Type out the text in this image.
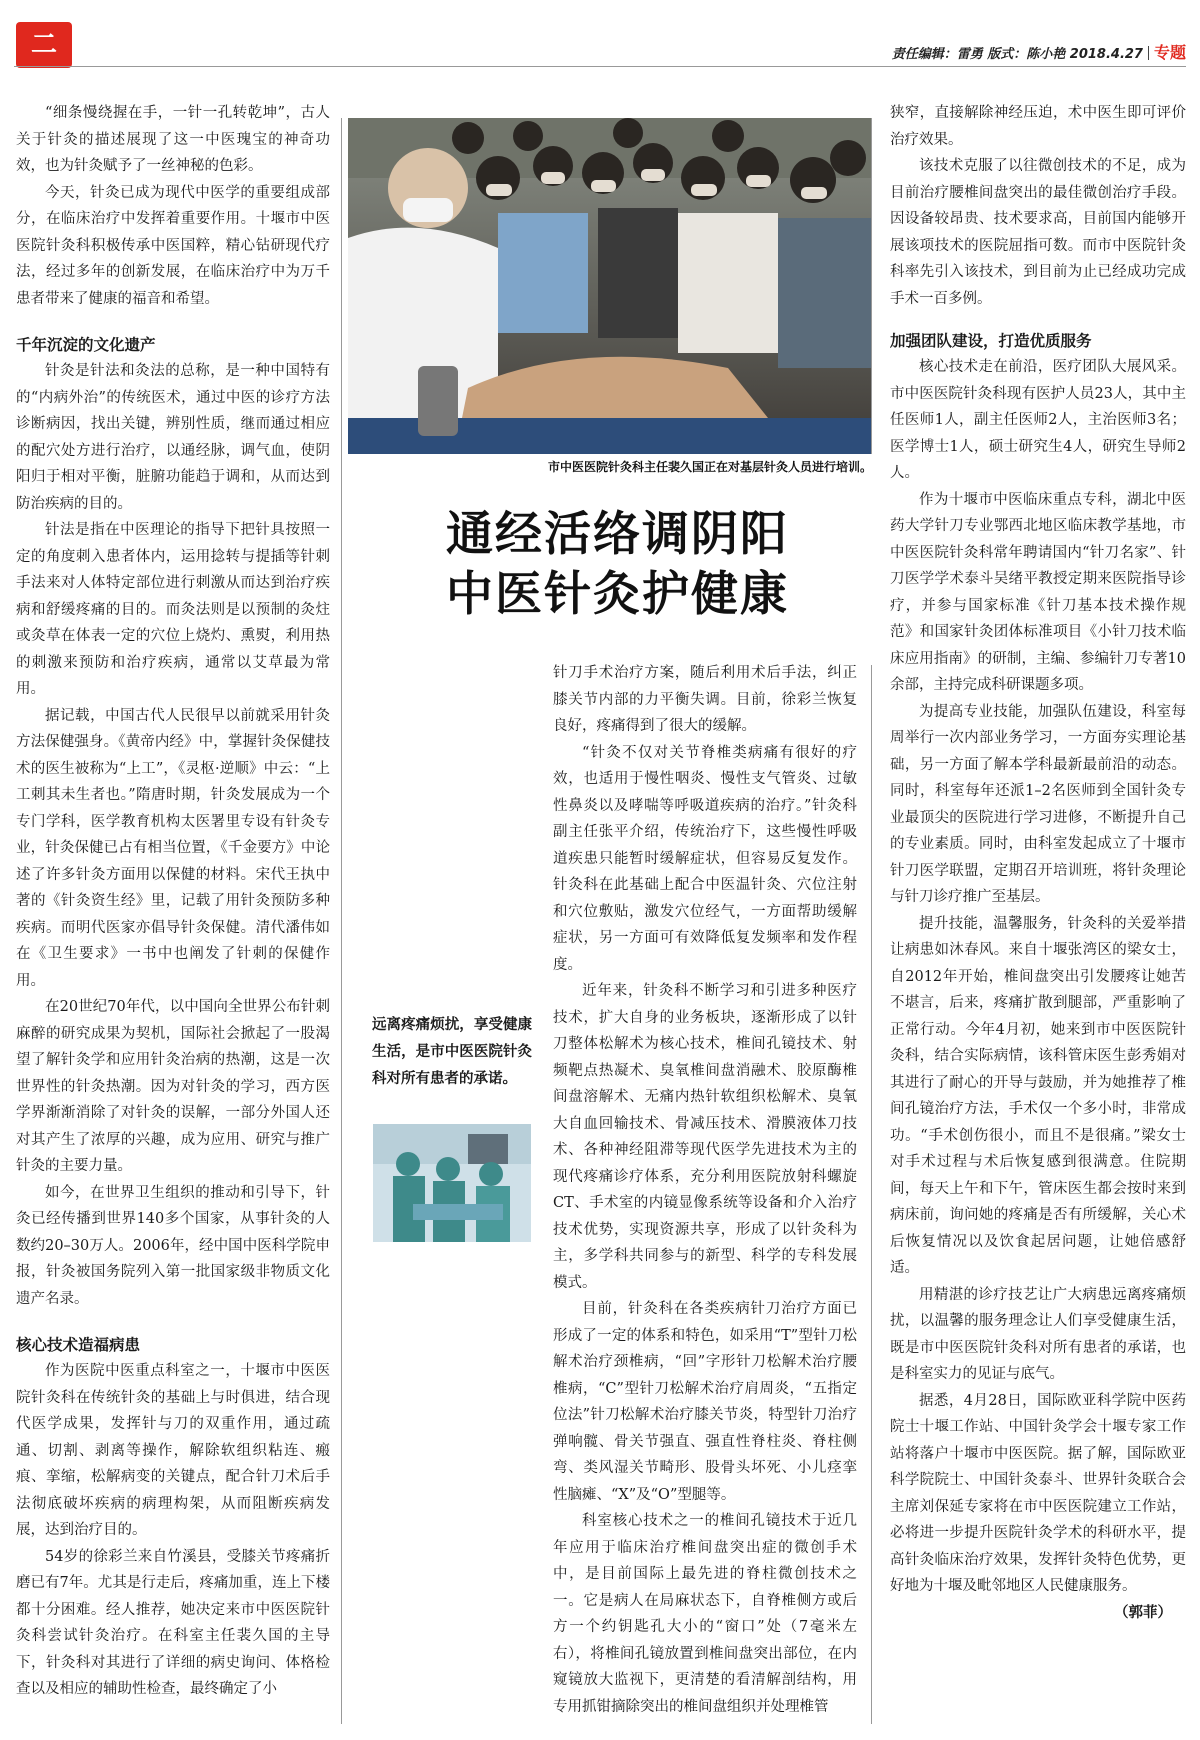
二	责任编辑：雷勇 版式：陈小艳 2018.4.27 专题

“细条慢绕握在手，一针一孔转乾坤”，古人关于针灸的描述展现了这一中医瑰宝的神奇功效，也为针灸赋予了一丝神秘的色彩。

今天，针灸已成为现代中医学的重要组成部分，在临床治疗中发挥着重要作用。十堰市中医医院针灸科积极传承中医国粹，精心钻研现代疗法，经过多年的创新发展，在临床治疗中为万千患者带来了健康的福音和希望。

千年沉淀的文化遗产

针灸是针法和灸法的总称，是一种中国特有的“内病外治”的传统医术，通过中医的诊疗方法诊断病因，找出关键，辨别性质，继而通过相应的配穴处方进行治疗，以通经脉，调气血，使阴阳归于相对平衡，脏腑功能趋于调和，从而达到防治疾病的目的。

针法是指在中医理论的指导下把针具按照一定的角度刺入患者体内，运用捻转与提插等针刺手法来对人体特定部位进行刺激从而达到治疗疾病和舒缓疼痛的目的。而灸法则是以预制的灸炷或灸草在体表一定的穴位上烧灼、熏熨，利用热的刺激来预防和治疗疾病，通常以艾草最为常用。

据记载，中国古代人民很早以前就采用针灸方法保健强身。《黄帝内经》中，掌握针灸保健技术的医生被称为“上工”，《灵枢·逆顺》中云：“上工刺其未生者也。”隋唐时期，针灸发展成为一个专门学科，医学教育机构太医署里专设有针灸专业，针灸保健已占有相当位置，《千金要方》中论述了许多针灸方面用以保健的材料。宋代王执中著的《针灸资生经》里，记载了用针灸预防多种疾病。而明代医家亦倡导针灸保健。清代潘伟如在《卫生要求》一书中也阐发了针刺的保健作用。

在20世纪70年代，以中国向全世界公布针刺麻醉的研究成果为契机，国际社会掀起了一股渴望了解针灸学和应用针灸治病的热潮，这是一次世界性的针灸热潮。因为对针灸的学习，西方医学界渐渐消除了对针灸的误解，一部分外国人还对其产生了浓厚的兴趣，成为应用、研究与推广针灸的主要力量。

如今，在世界卫生组织的推动和引导下，针灸已经传播到世界140多个国家，从事针灸的人数约20–30万人。2006年，经中国中医科学院申报，针灸被国务院列入第一批国家级非物质文化遗产名录。

核心技术造福病患

作为医院中医重点科室之一，十堰市中医医院针灸科在传统针灸的基础上与时俱进，结合现代医学成果，发挥针与刀的双重作用，通过疏通、切割、剥离等操作，解除软组织粘连、瘢痕、挛缩，松解病变的关键点，配合针刀术后手法彻底破坏疾病的病理构架，从而阻断疾病发展，达到治疗目的。

54岁的徐彩兰来自竹溪县，受膝关节疼痛折磨已有7年。尤其是行走后，疼痛加重，连上下楼都十分困难。经人推荐，她决定来市中医医院针灸科尝试针灸治疗。在科室主任裴久国的主导下，针灸科对其进行了详细的病史询问、体格检查以及相应的辅助性检查，最终确定了小

市中医医院针灸科主任裴久国正在对基层针灸人员进行培训。
通经活络调阴阳
中医针灸护健康
远离疼痛烦扰，享受健康生活，是市中医医院针灸科对所有患者的承诺。

针刀手术治疗方案，随后利用术后手法，纠正膝关节内部的力平衡失调。目前，徐彩兰恢复良好，疼痛得到了很大的缓解。

“针灸不仅对关节脊椎类病痛有很好的疗效，也适用于慢性咽炎、慢性支气管炎、过敏性鼻炎以及哮喘等呼吸道疾病的治疗。”针灸科副主任张平介绍，传统治疗下，这些慢性呼吸道疾患只能暂时缓解症状，但容易反复发作。针灸科在此基础上配合中医温针灸、穴位注射和穴位敷贴，激发穴位经气，一方面帮助缓解症状，另一方面可有效降低复发频率和发作程度。

近年来，针灸科不断学习和引进多种医疗技术，扩大自身的业务板块，逐渐形成了以针刀整体松解术为核心技术，椎间孔镜技术、射频靶点热凝术、臭氧椎间盘消融术、胶原酶椎间盘溶解术、无痛内热针软组织松解术、臭氧大自血回输技术、骨减压技术、滑膜液体刀技术、各种神经阻滞等现代医学先进技术为主的现代疼痛诊疗体系，充分利用医院放射科螺旋CT、手术室的内镜显像系统等设备和介入治疗技术优势，实现资源共享，形成了以针灸科为主，多学科共同参与的新型、科学的专科发展模式。

目前，针灸科在各类疾病针刀治疗方面已形成了一定的体系和特色，如采用“T”型针刀松解术治疗颈椎病，“回”字形针刀松解术治疗腰椎病，“C”型针刀松解术治疗肩周炎，“五指定位法”针刀松解术治疗膝关节炎，特型针刀治疗弹响髋、骨关节强直、强直性脊柱炎、脊柱侧弯、类风湿关节畸形、股骨头坏死、小儿痉挛性脑瘫、“X”及“O”型腿等。

科室核心技术之一的椎间孔镜技术于近几年应用于临床治疗椎间盘突出症的微创手术中，是目前国际上最先进的脊柱微创技术之一。它是病人在局麻状态下，自脊椎侧方或后方一个约钥匙孔大小的“窗口”处（7毫米左右），将椎间孔镜放置到椎间盘突出部位，在内窥镜放大监视下，更清楚的看清解剖结构，用专用抓钳摘除突出的椎间盘组织并处理椎管

狭窄，直接解除神经压迫，术中医生即可评价治疗效果。

该技术克服了以往微创技术的不足，成为目前治疗腰椎间盘突出的最佳微创治疗手段。因设备较昂贵、技术要求高，目前国内能够开展该项技术的医院屈指可数。而市中医院针灸科率先引入该技术，到目前为止已经成功完成手术一百多例。

加强团队建设，打造优质服务

核心技术走在前沿，医疗团队大展风采。市中医医院针灸科现有医护人员23人，其中主任医师1人，副主任医师2人，主治医师3名；医学博士1人，硕士研究生4人，研究生导师2人。

作为十堰市中医临床重点专科，湖北中医药大学针刀专业鄂西北地区临床教学基地，市中医医院针灸科常年聘请国内“针刀名家”、针刀医学学术泰斗吴绪平教授定期来医院指导诊疗，并参与国家标准《针刀基本技术操作规范》和国家针灸团体标准项目《小针刀技术临床应用指南》的研制，主编、参编针刀专著10余部，主持完成科研课题多项。

为提高专业技能，加强队伍建设，科室每周举行一次内部业务学习，一方面夯实理论基础，另一方面了解本学科最新最前沿的动态。同时，科室每年还派1–2名医师到全国针灸专业最顶尖的医院进行学习进修，不断提升自己的专业素质。同时，由科室发起成立了十堰市针刀医学联盟，定期召开培训班，将针灸理论与针刀诊疗推广至基层。

提升技能，温馨服务，针灸科的关爱举措让病患如沐春风。来自十堰张湾区的梁女士，自2012年开始，椎间盘突出引发腰疼让她苦不堪言，后来，疼痛扩散到腿部，严重影响了正常行动。今年4月初，她来到市中医医院针灸科，结合实际病情，该科管床医生彭秀娟对其进行了耐心的开导与鼓励，并为她推荐了椎间孔镜治疗方法，手术仅一个多小时，非常成功。“手术创伤很小，而且不是很痛。”梁女士对手术过程与术后恢复感到很满意。住院期间，每天上午和下午，管床医生都会按时来到病床前，询问她的疼痛是否有所缓解，关心术后恢复情况以及饮食起居问题，让她倍感舒适。

用精湛的诊疗技艺让广大病患远离疼痛烦扰，以温馨的服务理念让人们享受健康生活，既是市中医医院针灸科对所有患者的承诺，也是科室实力的见证与底气。

据悉，4月28日，国际欧亚科学院中医药院士十堰工作站、中国针灸学会十堰专家工作站将落户十堰市中医医院。据了解，国际欧亚科学院院士、中国针灸泰斗、世界针灸联合会主席刘保延专家将在市中医医院建立工作站，必将进一步提升医院针灸学术的科研水平，提高针灸临床治疗效果，发挥针灸特色优势，更好地为十堰及毗邻地区人民健康服务。

（郭菲）
